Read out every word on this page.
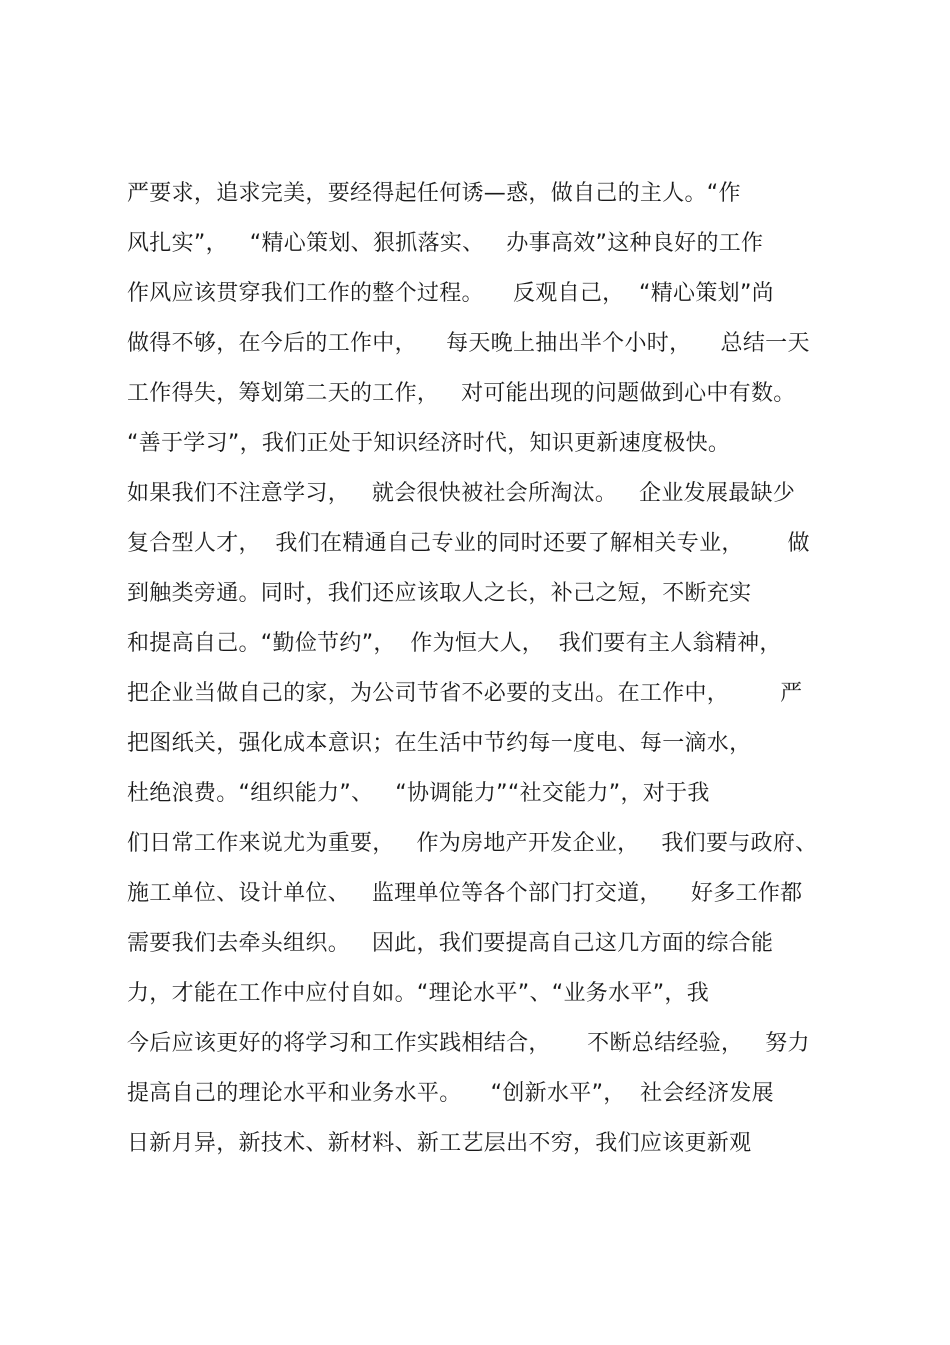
严要求，追求完美，要经得起任何诱—惑，做自己的主人。“作
风扎实”，   “精心策划、狠抓落实、   办事高效”这种良好的工作
作风应该贯穿我们工作的整个过程。    反观自己，  “精心策划”尚
做得不够，在今后的工作中，    每天晚上抽出半个小时，    总结一天
工作得失，筹划第二天的工作，   对可能出现的问题做到心中有数。
“善于学习”，我们正处于知识经济时代，知识更新速度极快。
如果我们不注意学习，   就会很快被社会所淘汰。   企业发展最缺少
复合型人才，  我们在精通自己专业的同时还要了解相关专业，      做
到触类旁通。同时，我们还应该取人之长，补己之短，不断充实
和提高自己。“勤俭节约”，  作为恒大人，  我们要有主人翁精神，
把企业当做自己的家，为公司节省不必要的支出。在工作中，       严
把图纸关，强化成本意识；在生活中节约每一度电、每一滴水，
杜绝浪费。“组织能力”、   “协调能力”“社交能力”，对于我
们日常工作来说尤为重要，   作为房地产开发企业，   我们要与政府、
施工单位、设计单位、   监理单位等各个部门打交道，    好多工作都
需要我们去牵头组织。   因此，我们要提高自己这几方面的综合能
力，才能在工作中应付自如。“理论水平”、“业务水平”，我
今后应该更好的将学习和工作实践相结合，     不断总结经验，   努力
提高自己的理论水平和业务水平。    “创新水平”，  社会经济发展
日新月异，新技术、新材料、新工艺层出不穷，我们应该更新观
